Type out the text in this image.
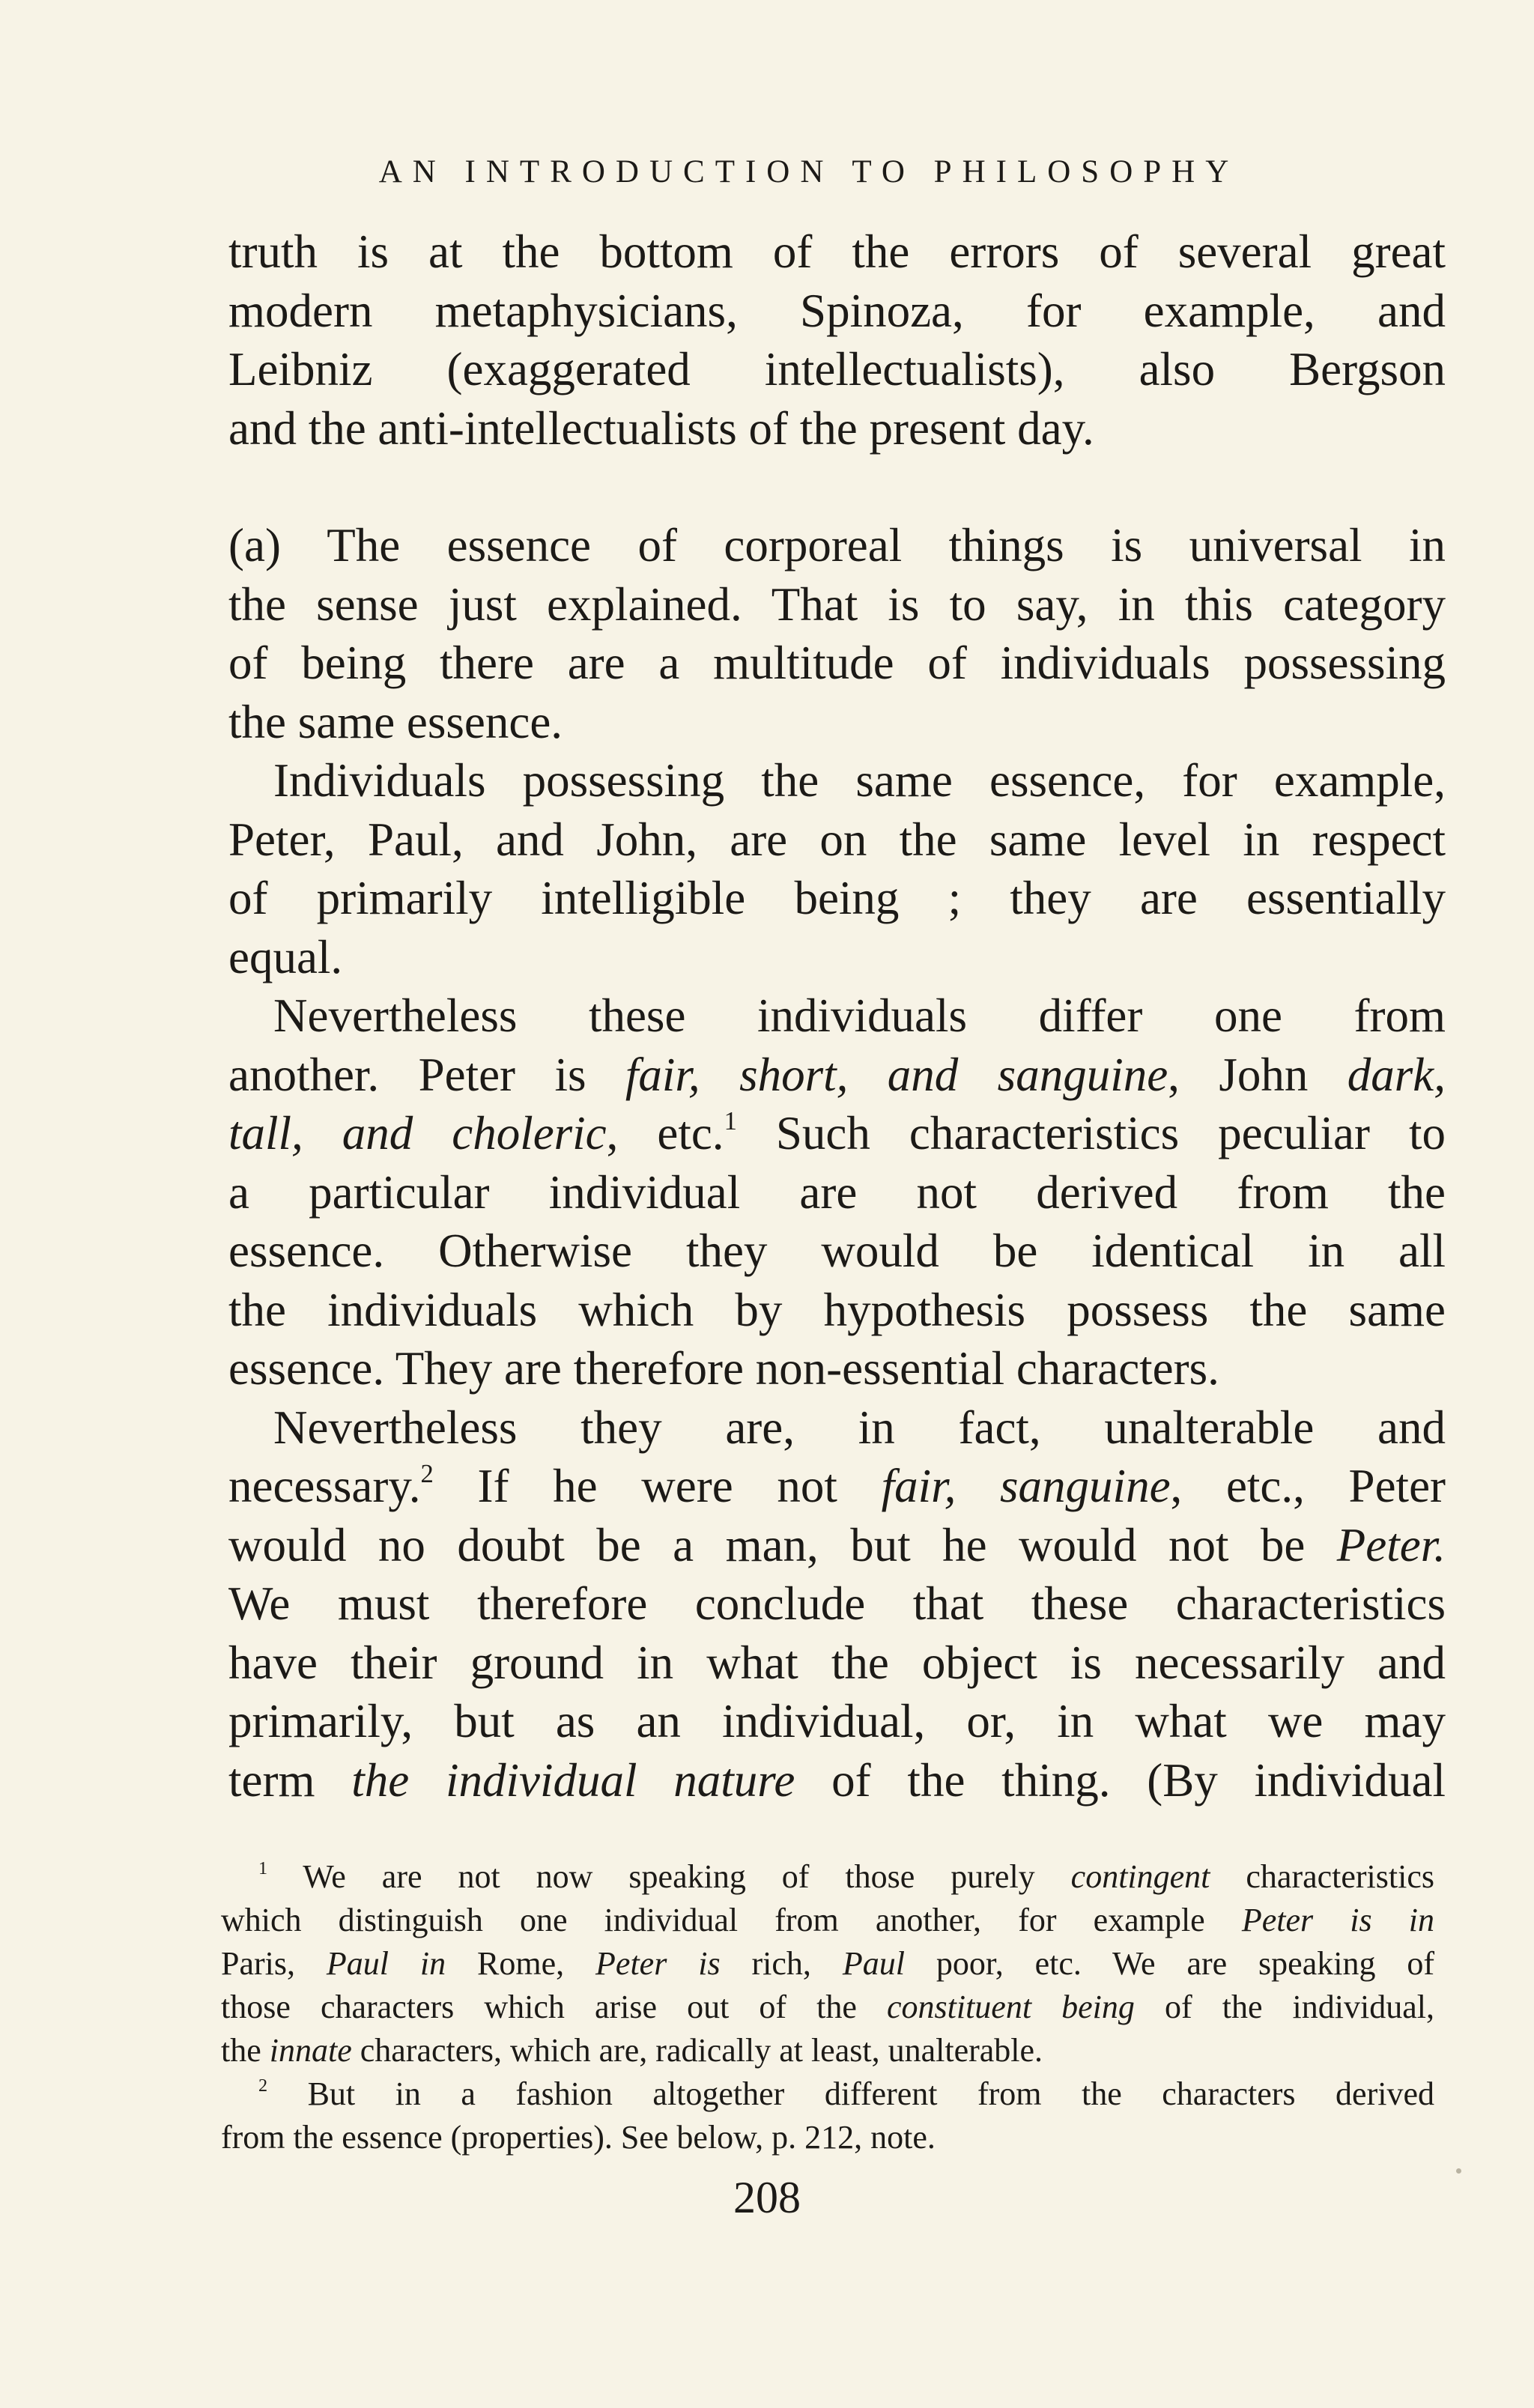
AN INTRODUCTION TO PHILOSOPHY

truth is at the bottom of the errors of several great
modern metaphysicians, Spinoza, for example, and
Leibniz (exaggerated intellectualists), also Bergson
and the anti-intellectualists of the present day.

(a) The essence of corporeal things is universal in
the sense just explained. That is to say, in this category
of being there are a multitude of individuals possessing
the same essence.

Individuals possessing the same essence, for example,
Peter, Paul, and John, are on the same level in respect
of primarily intelligible being ; they are essentially
equal.

Nevertheless these individuals differ one from
another. Peter is fair, short, and sanguine, John dark,
tall, and choleric, etc.$^1$ Such characteristics peculiar to
a particular individual are not derived from the
essence. Otherwise they would be identical in all
the individuals which by hypothesis possess the same
essence. They are therefore non-essential characters.

Nevertheless they are, in fact, unalterable and
necessary.$^2$ If he were not fair, sanguine, etc., Peter
would no doubt be a man, but he would not be Peter.
We must therefore conclude that these characteristics
have their ground in what the object is necessarily and
primarily, but as an individual, or, in what we may
term the individual nature of the thing. (By individual

$^1$ We are not now speaking of those purely contingent characteristics
which distinguish one individual from another, for example Peter is in
Paris, Paul in Rome, Peter is rich, Paul poor, etc. We are speaking of
those characters which arise out of the constituent being of the individual,
the innate characters, which are, radically at least, unalterable.
$^2$ But in a fashion altogether different from the characters derived
from the essence (properties). See below, p. 212, note.
208
